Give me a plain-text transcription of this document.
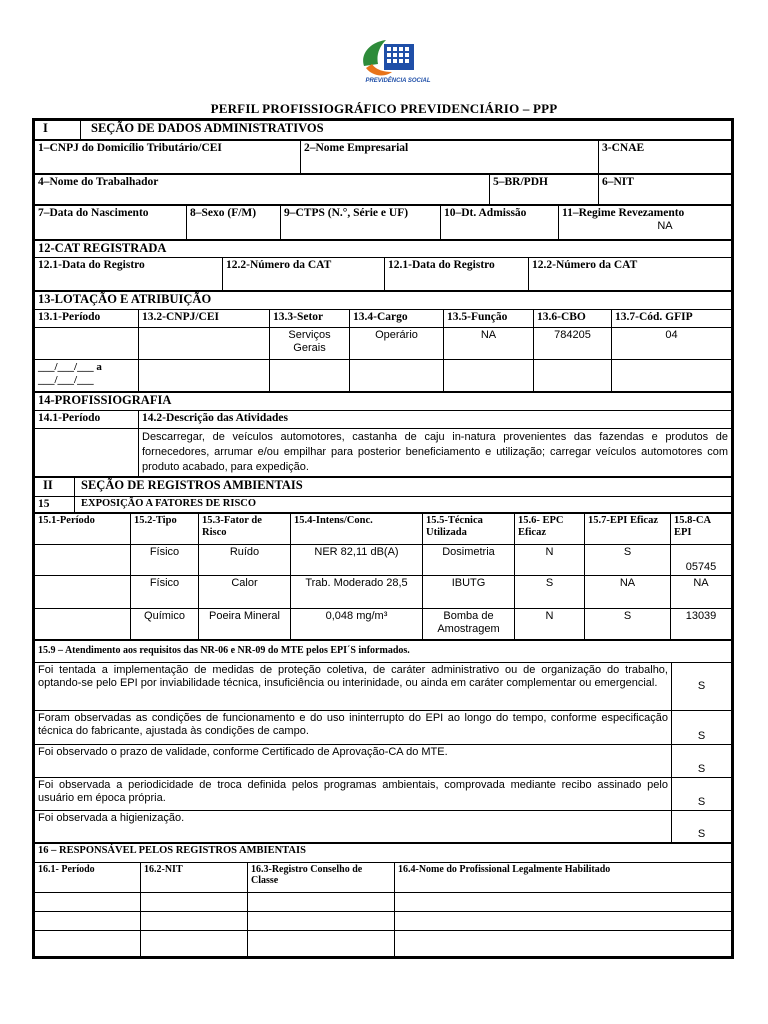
PREVIDÊNCIA SOCIAL
PERFIL PROFISSIOGRÁFICO PREVIDENCIÁRIO – PPP
I	SEÇÃO DE DADOS ADMINISTRATIVOS
1–CNPJ do Domicílio Tributário/CEI	2–Nome Empresarial	3-CNAE
4–Nome do Trabalhador	5–BR/PDH	6–NIT
7–Data do Nascimento	8–Sexo (F/M)	9–CTPS (N.°, Série e UF)	10–Dt. Admissão	11–Regime Revezamento
NA
12-CAT REGISTRADA
12.1-Data do Registro	12.2-Número da CAT	12.1-Data do Registro	12.2-Número da CAT
13-LOTAÇÃO E ATRIBUIÇÃO						
13.1-Período	13.2-CNPJ/CEI	13.3-Setor	13.4-Cargo	13.5-Função	13.6-CBO	13.7-Cód. GFIP
		Serviços Gerais	Operário	NA	784205	04
___/___/___ a ___/___/___						
14-PROFISSIOGRAFIA	
14.1-Período	14.2-Descrição das Atividades
	Descarregar, de veículos automotores, castanha de caju in-natura provenientes das fazendas e produtos de fornecedores, arrumar e/ou empilhar para posterior beneficiamento e utilização; carregar veículos automotores com produto acabado, para expedição.
II	SEÇÃO DE REGISTROS AMBIENTAIS
15	EXPOSIÇÃO A FATORES DE RISCO
15.1-Período	15.2-Tipo	15.3-Fator de Risco	15.4-Intens/Conc.	15.5-Técnica Utilizada	15.6- EPC Eficaz	15.7-EPI Eficaz	15.8-CA EPI
	Físico	Ruído	NER 82,11 dB(A)	Dosimetria	N	S	05745
	Físico	Calor	Trab. Moderado 28,5	IBUTG	S	NA	NA
	Químico	Poeira Mineral	0,048 mg/m³	Bomba de Amostragem	N	S	13039
15.9 – Atendimento aos requisitos das NR-06 e NR-09 do MTE pelos EPI´S informados.	
Foi tentada a implementação de medidas de proteção coletiva, de caráter administrativo ou de organização do trabalho, optando-se pelo EPI por inviabilidade técnica, insuficiência ou interinidade, ou ainda em caráter complementar ou emergencial.	S
Foram observadas as condições de funcionamento e do uso ininterrupto do EPI ao longo do tempo, conforme especificação técnica do fabricante, ajustada às condições de campo.	S
Foi observado o prazo de validade, conforme Certificado de Aprovação-CA do MTE.	S
Foi observada a periodicidade de troca definida pelos programas ambientais, comprovada mediante recibo assinado pelo usuário em época própria.	S
Foi observada a higienização.	S
16 – RESPONSÁVEL PELOS REGISTROS AMBIENTAIS			
16.1- Período	16.2-NIT	16.3-Registro Conselho de Classe	16.4-Nome do Profissional Legalmente Habilitado
